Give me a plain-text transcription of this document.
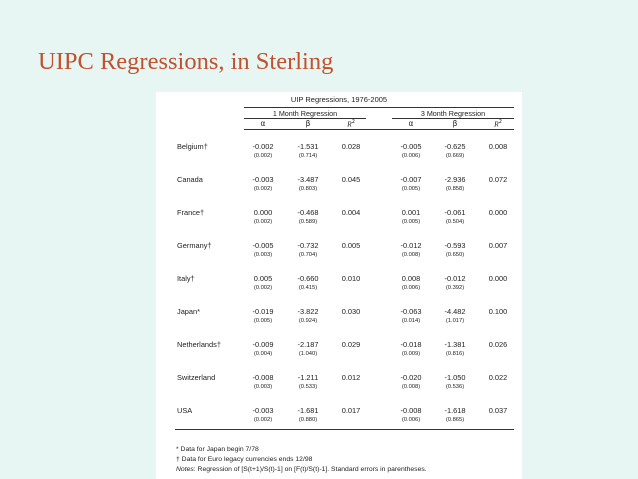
UIPC Regressions, in Sterling
UIP Regressions, 1976-2005
1 Month Regression	3 Month Regression
α	β	$R^2$	α	β	$R^2$
Belgium†	-0.002	-1.531	0.028	-0.005	-0.625	0.008
(0.002)	(0.714)	(0.006)	(0.669)
Canada	-0.003	-3.487	0.045	-0.007	-2.936	0.072
(0.002)	(0.803)	(0.005)	(0.858)
France†	0.000	-0.468	0.004	0.001	-0.061	0.000
(0.002)	(0.589)	(0.005)	(0.504)
Germany†	-0.005	-0.732	0.005	-0.012	-0.593	0.007
(0.003)	(0.704)	(0.008)	(0.650)
Italy†	0.005	-0.660	0.010	0.008	-0.012	0.000
(0.002)	(0.415)	(0.006)	(0.392)
Japan*	-0.019	-3.822	0.030	-0.063	-4.482	0.100
(0.005)	(0.924)	(0.014)	(1.017)
Netherlands†	-0.009	-2.187	0.029	-0.018	-1.381	0.026
(0.004)	(1.040)	(0.009)	(0.816)
Switzerland	-0.008	-1.211	0.012	-0.020	-1.050	0.022
(0.003)	(0.533)	(0.008)	(0.536)
USA	-0.003	-1.681	0.017	-0.008	-1.618	0.037
(0.002)	(0.880)	(0.006)	(0.865)
* Data for Japan begin 7/78
† Data for Euro legacy currencies ends 12/98
Notes: Regression of [S(t+1)/S(t)-1] on [F(t)/S(t)-1]. Standard errors in parentheses.
